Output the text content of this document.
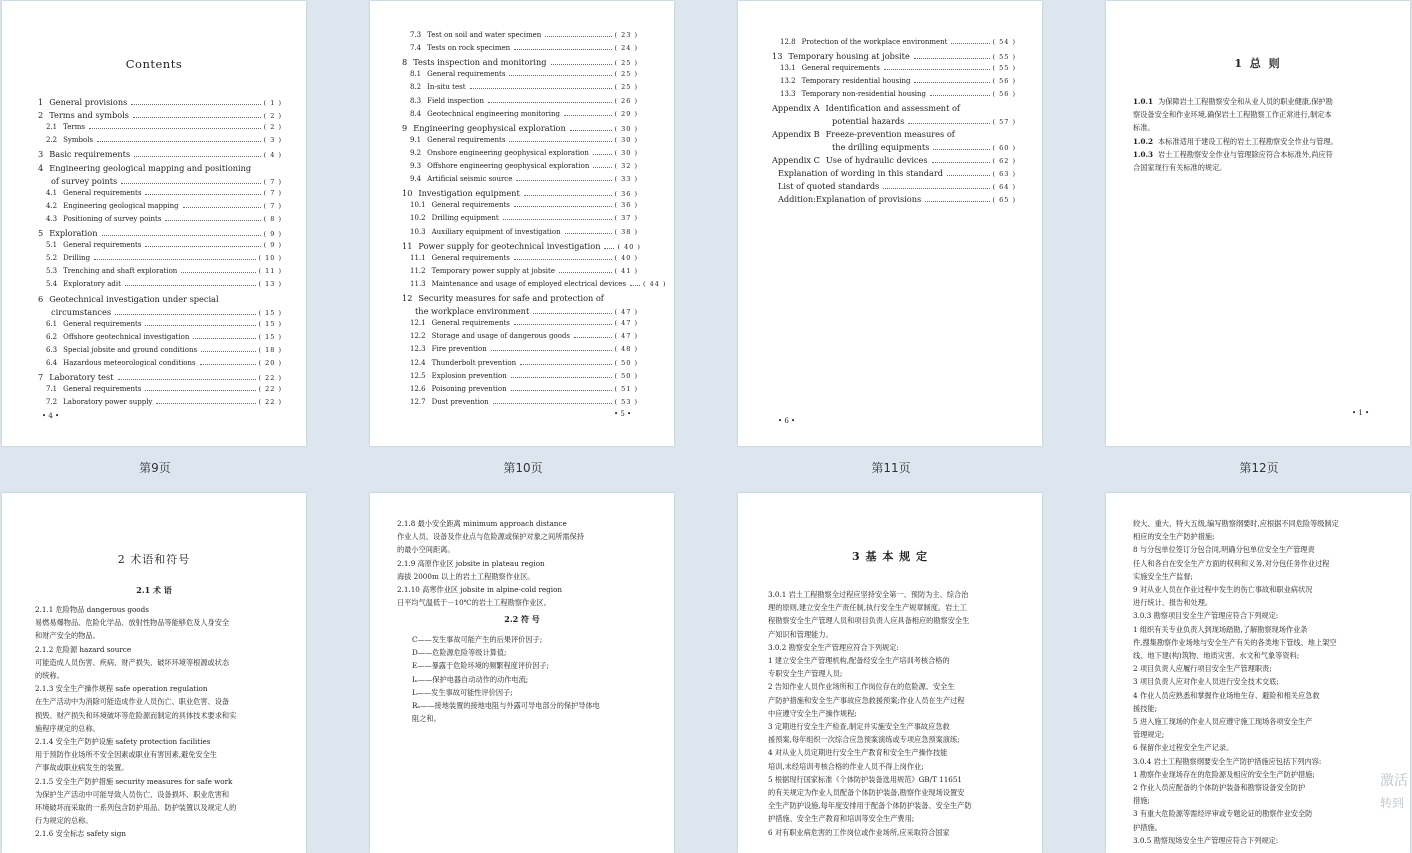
Contents
1 General provisions	( 1 )
2 Terms and symbols	( 2 )
2.1 Terms	( 2 )
2.2 Symbols	( 3 )
3 Basic requirements	( 4 )
4 Engineering geological mapping and positioning
of survey points	( 7 )
4.1 General requirements	( 7 )
4.2 Engineering geological mapping	( 7 )
4.3 Positioning of survey points	( 8 )
5 Exploration	( 9 )
5.1 General requirements	( 9 )
5.2 Drilling	( 10 )
5.3 Trenching and shaft exploration	( 11 )
5.4 Exploratory adit	( 13 )
6 Geotechnical investigation under special
circumstances	( 15 )
6.1 General requirements	( 15 )
6.2 Offshore geotechnical investigation	( 15 )
6.3 Special jobsite and ground conditions	( 18 )
6.4 Hazardous meteorological conditions	( 20 )
7 Laboratory test	( 22 )
7.1 General requirements	( 22 )
7.2 Laboratory power supply	( 22 )
• 4 •
第9页
7.3 Test on soil and water specimen	( 23 )
7.4 Tests on rock specimen	( 24 )
8 Tests inspection and monitoring	( 25 )
8.1 General requirements	( 25 )
8.2 In-situ test	( 25 )
8.3 Field inspection	( 26 )
8.4 Geotechnical engineering monitoring	( 29 )
9 Engineering geophysical exploration	( 30 )
9.1 General requirements	( 30 )
9.2 Onshore engineering geophysical exploration	( 30 )
9.3 Offshore engineering geophysical exploration	( 32 )
9.4 Artificial seismic source	( 33 )
10 Investigation equipment	( 36 )
10.1 General requirements	( 36 )
10.2 Drilling equipment	( 37 )
10.3 Auxiliary equipment of investigation	( 38 )
11 Power supply for geotechnical investigation	( 40 )
11.1 General requirements	( 40 )
11.2 Temporary power supply at jobsite	( 41 )
11.3 Maintenance and usage of employed electrical devices	( 44 )
12 Security measures for safe and protection of
the workplace environment	( 47 )
12.1 General requirements	( 47 )
12.2 Storage and usage of dangerous goods	( 47 )
12.3 Fire prevention	( 48 )
12.4 Thunderbolt prevention	( 50 )
12.5 Explosion prevention	( 50 )
12.6 Poisoning prevention	( 51 )
12.7 Dust prevention	( 53 )
• 5 •
第10页
12.8 Protection of the workplace environment	( 54 )
13 Temporary housing at jobsite	( 55 )
13.1 General requirements	( 55 )
13.2 Temporary residential housing	( 56 )
13.3 Temporary non-residential housing	( 56 )
Appendix A Identification and assessment of
potential hazards	( 57 )
Appendix B Freeze-prevention measures of
the drilling equipments	( 60 )
Appendix C Use of hydraulic devices	( 62 )
Explanation of wording in this standard	( 63 )
List of quoted standards	( 64 )
Addition:Explanation of provisions	( 65 )
• 6 •
第11页
1 总 则
1.0.1 为保障岩土工程勘察安全和从业人员的职业健康,保护勘
察设备安全和作业环境,确保岩土工程勘察工作正常进行,制定本
标准。
1.0.2 本标准适用于建设工程的岩土工程勘察安全作业与管理。
1.0.3 岩土工程勘察安全作业与管理除应符合本标准外,尚应符
合国家现行有关标准的规定。
• 1 •
第12页
2 术语和符号
2.1 术 语
2.1.1 危险物品 dangerous goods
易燃易爆物品、危险化学品、放射性物品等能够危及人身安全
和财产安全的物品。
2.1.2 危险源 hazard source
可能造成人员伤害、疾病、财产损失、破坏环境等根源或状态
的统称。
2.1.3 安全生产操作规程 safe operation regulation
在生产活动中为消除可能造成作业人员伤亡、职业危害、设备
损毁、财产损失和环境破坏等危险源而制定的具体技术要求和实
施程序规定的总称。
2.1.4 安全生产防护设施 safety protection facilities
用于预防作业场所不安全因素或职业有害因素,避免安全生
产事故或职业病发生的装置。
2.1.5 安全生产防护措施 security measures for safe work
为保护生产活动中可能导致人员伤亡、设备损坏、职业危害和
环境破坏而采取的一系列包含防护用品、防护装置以及规定人的
行为规定的总称。
2.1.6 安全标志 safety sign
2.1.8 最小安全距离 minimum approach distance
作业人员、设备及作业点与危险源或保护对象之间所需保持
的最小空间距离。
2.1.9 高原作业区 jobsite in plateau region
海拔 2000m 以上的岩土工程勘察作业区。
2.1.10 高寒作业区 jobsite in alpine-cold region
日平均气温低于－10℃的岩土工程勘察作业区。
2.2 符 号
C——发生事故可能产生的后果评价因子;
D——危险源危险等级计算值;
E——暴露于危险环境的频繁程度评价因子;
Iₙ——保护电器自动动作的动作电流;
L——发生事故可能性评价因子;
Rₐ——接地装置的接地电阻与外露可导电部分的保护导体电
阻之和。
3 基 本 规 定
3.0.1 岩土工程勘察全过程应坚持安全第一、预防为主、综合治
理的原则,建立安全生产责任制,执行安全生产规章制度。岩土工
程勘察安全生产管理人员和项目负责人应具备相应的勘察安全生
产知识和管理能力。
3.0.2 勘察安全生产管理应符合下列规定:
1 建立安全生产管理机构,配备经安全生产培训考核合格的
专职安全生产管理人员;
2 告知作业人员作业场所和工作岗位存在的危险源、安全生
产防护措施和安全生产事故应急救援预案;作业人员在生产过程
中应遵守安全生产操作规程;
3 定期进行安全生产检查,制定并实施安全生产事故应急救
援预案,每年组织一次综合应急预案演练或专项应急预案演练;
4 对从业人员定期进行安全生产教育和安全生产操作技能
培训,未经培训考核合格的作业人员不得上岗作业;
5 根据现行国家标准《个体防护装备选用规范》GB/T 11651
的有关规定为作业人员配备个体防护装备,勘察作业现场设置安
全生产防护设施,每年度安排用于配备个体防护装备、安全生产防
护措施、安全生产教育和培训等安全生产费用;
6 对有职业病危害的工作岗位或作业场所,应采取符合国家
较大、重大、特大五级,编写勘察纲要时,应根据不同危险等级制定
相应的安全生产防护措施;
8 与分包单位签订分包合同,明确分包单位安全生产管理责
任人和各自在安全生产方面的权利和义务,对分包任务作业过程
实施安全生产监督;
9 对从业人员在作业过程中发生的伤亡事故和职业病状况
进行统计、报告和处理。
3.0.3 勘察项目安全生产管理应符合下列规定:
1 组织有关专业负责人到现场踏勘,了解勘察现场作业条
件,搜集勘察作业场地与安全生产有关的各类地下管线、地上架空
线、地下建(构)筑物、地质灾害、水文和气象等资料;
2 项目负责人应履行项目安全生产管理职责;
3 项目负责人应对作业人员进行安全技术交底;
4 作业人员应熟悉和掌握作业场地生存、避险和相关应急救
援技能;
5 进入施工现场的作业人员应遵守施工现场各项安全生产
管理规定;
6 保留作业过程安全生产记录。
3.0.4 岩土工程勘察纲要安全生产防护措施应包括下列内容:
1 勘察作业现场存在的危险源及相应的安全生产防护措施;
2 作业人员应配备的个体防护装备和勘察设备安全防护
措施;
3 有重大危险源等需经评审或专题论证的勘察作业安全防
护措施。
3.0.5 勘察现场安全生产管理应符合下列规定:
激活
转到
